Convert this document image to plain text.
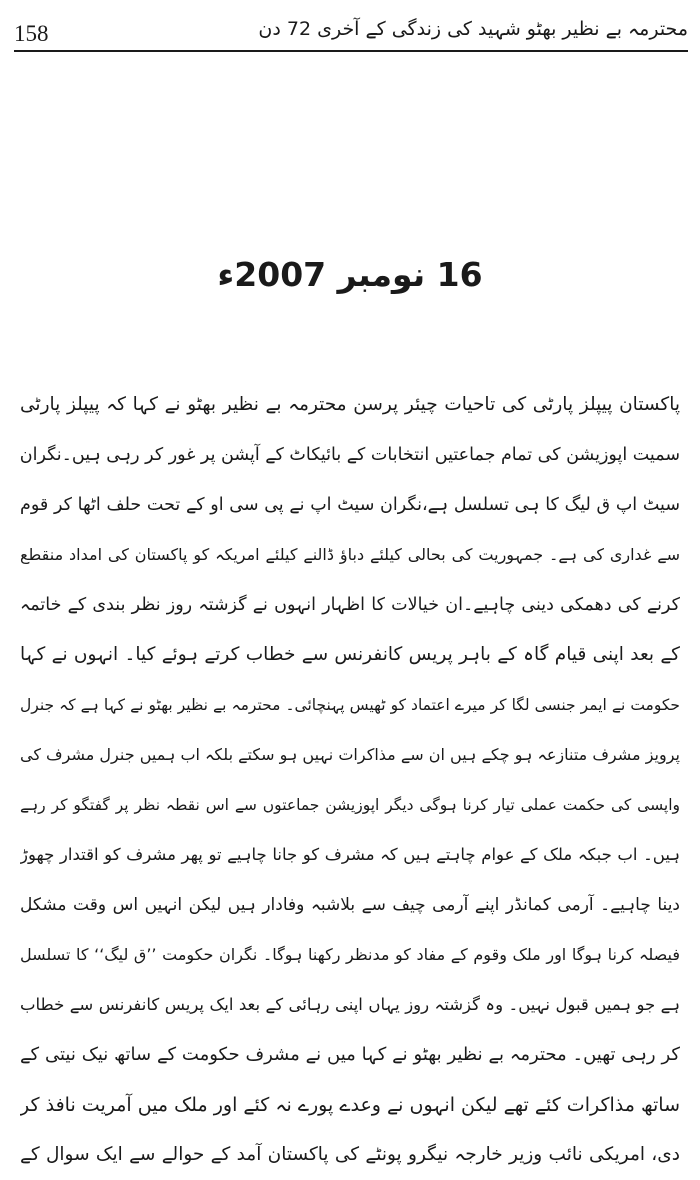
158	محترمہ بے نظیر بھٹو شہید کی زندگی کے آخری 72 دن
16 نومبر 2007ء
پاکستان پیپلز پارٹی کی تاحیات چیئر پرسن محترمہ بے نظیر بھٹو نے کہا کہ پیپلز پارٹی
سمیت اپوزیشن کی تمام جماعتیں انتخابات کے بائیکاٹ کے آپشن پر غور کر رہی ہیں۔نگران
سیٹ اپ ق لیگ کا ہی تسلسل ہے،نگران سیٹ اپ نے پی سی او کے تحت حلف اٹھا کر قوم
سے غداری کی ہے۔ جمہوریت کی بحالی کیلئے دباؤ ڈالنے کیلئے امریکہ کو پاکستان کی امداد منقطع
کرنے کی دھمکی دینی چاہیے۔ان خیالات کا اظہار انہوں نے گزشتہ روز نظر بندی کے خاتمہ
کے بعد اپنی قیام گاہ کے باہر پریس کانفرنس سے خطاب کرتے ہوئے کیا۔ انہوں نے کہا
حکومت نے ایمر جنسی لگا کر میرے اعتماد کو ٹھیس پہنچائی۔ محترمہ بے نظیر بھٹو نے کہا ہے کہ جنرل
پرویز مشرف متنازعہ ہو چکے ہیں ان سے مذاکرات نہیں ہو سکتے بلکہ اب ہمیں جنرل مشرف کی
واپسی کی حکمت عملی تیار کرنا ہوگی دیگر اپوزیشن جماعتوں سے اس نقطہ نظر پر گفتگو کر رہے
ہیں۔ اب جبکہ ملک کے عوام چاہتے ہیں کہ مشرف کو جانا چاہیے تو پھر مشرف کو اقتدار چھوڑ
دینا چاہیے۔ آرمی کمانڈر اپنے آرمی چیف سے بلاشبہ وفادار ہیں لیکن انہیں اس وقت مشکل
فیصلہ کرنا ہوگا اور ملک وقوم کے مفاد کو مدنظر رکھنا ہوگا۔ نگران حکومت ’’ق لیگ‘‘ کا تسلسل
ہے جو ہمیں قبول نہیں۔ وہ گزشتہ روز یہاں اپنی رہائی کے بعد ایک پریس کانفرنس سے خطاب
کر رہی تھیں۔ محترمہ بے نظیر بھٹو نے کہا میں نے مشرف حکومت کے ساتھ نیک نیتی کے
ساتھ مذاکرات کئے تھے لیکن انہوں نے وعدے پورے نہ کئے اور ملک میں آمریت نافذ کر
دی، امریکی نائب وزیر خارجہ نیگرو پونٹے کی پاکستان آمد کے حوالے سے ایک سوال کے
